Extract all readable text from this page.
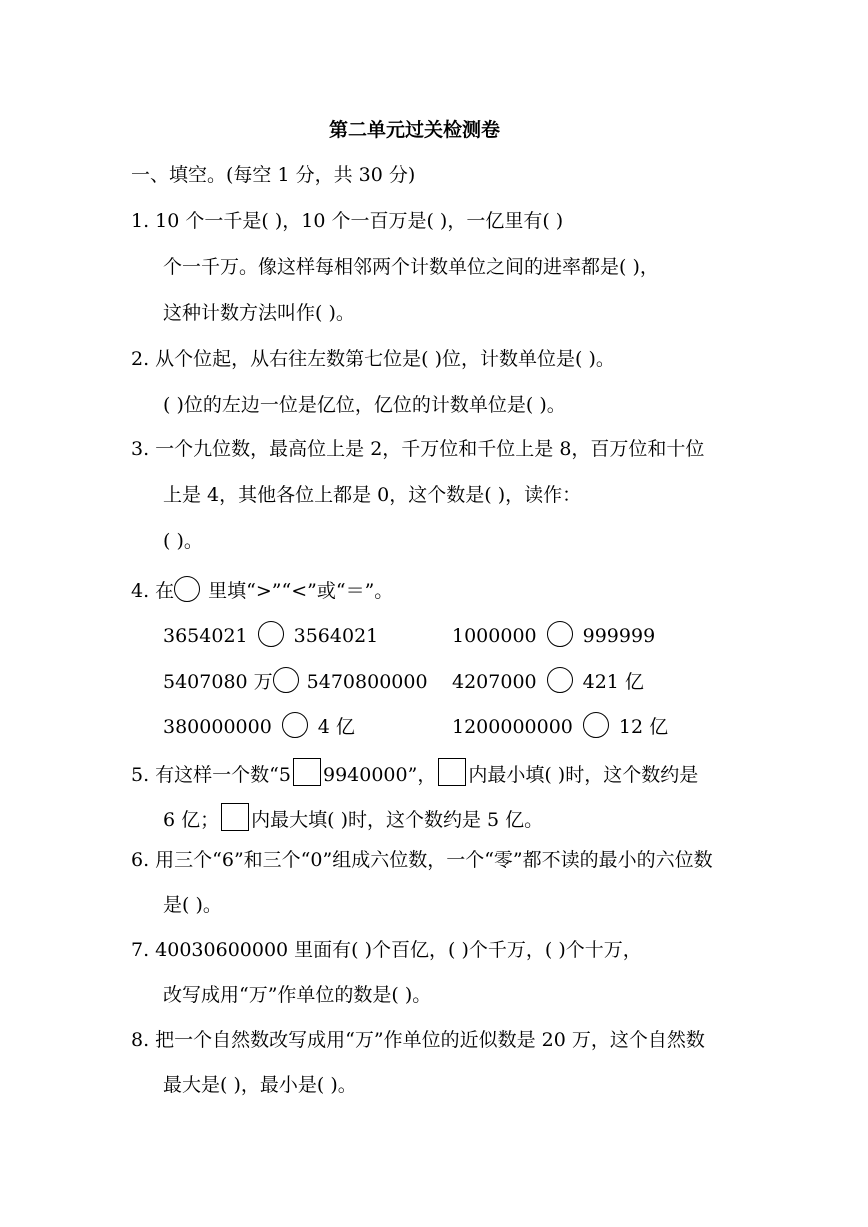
第二单元过关检测卷
一、填空。(每空 1 分，共 30 分)
1. 10 个一千是( )，10 个一百万是( )，一亿里有( )
个一千万。像这样每相邻两个计数单位之间的进率都是( )，
这种计数方法叫作( )。
2. 从个位起，从右往左数第七位是( )位，计数单位是( )。
( )位的左边一位是亿位，亿位的计数单位是( )。
3. 一个九位数，最高位上是 2，千万位和千位上是 8，百万位和十位
上是 4，其他各位上都是 0，这个数是( )，读作：
( )。
4. 在 里填“>”“<”或“＝”。
3654021 3564021	1000000 999999
5407080 万 5470800000 4207000 421 亿
380000000 4 亿	1200000000 12 亿
5. 有这样一个数“5 9940000”， 内最小填( )时，这个数约是
6 亿； 内最大填( )时，这个数约是 5 亿。
6. 用三个“6”和三个“0”组成六位数，一个“零”都不读的最小的六位数
是( )。
7. 40030600000 里面有( )个百亿，( )个千万，( )个十万，
改写成用“万”作单位的数是( )。
8. 把一个自然数改写成用“万”作单位的近似数是 20 万，这个自然数
最大是( )，最小是( )。
